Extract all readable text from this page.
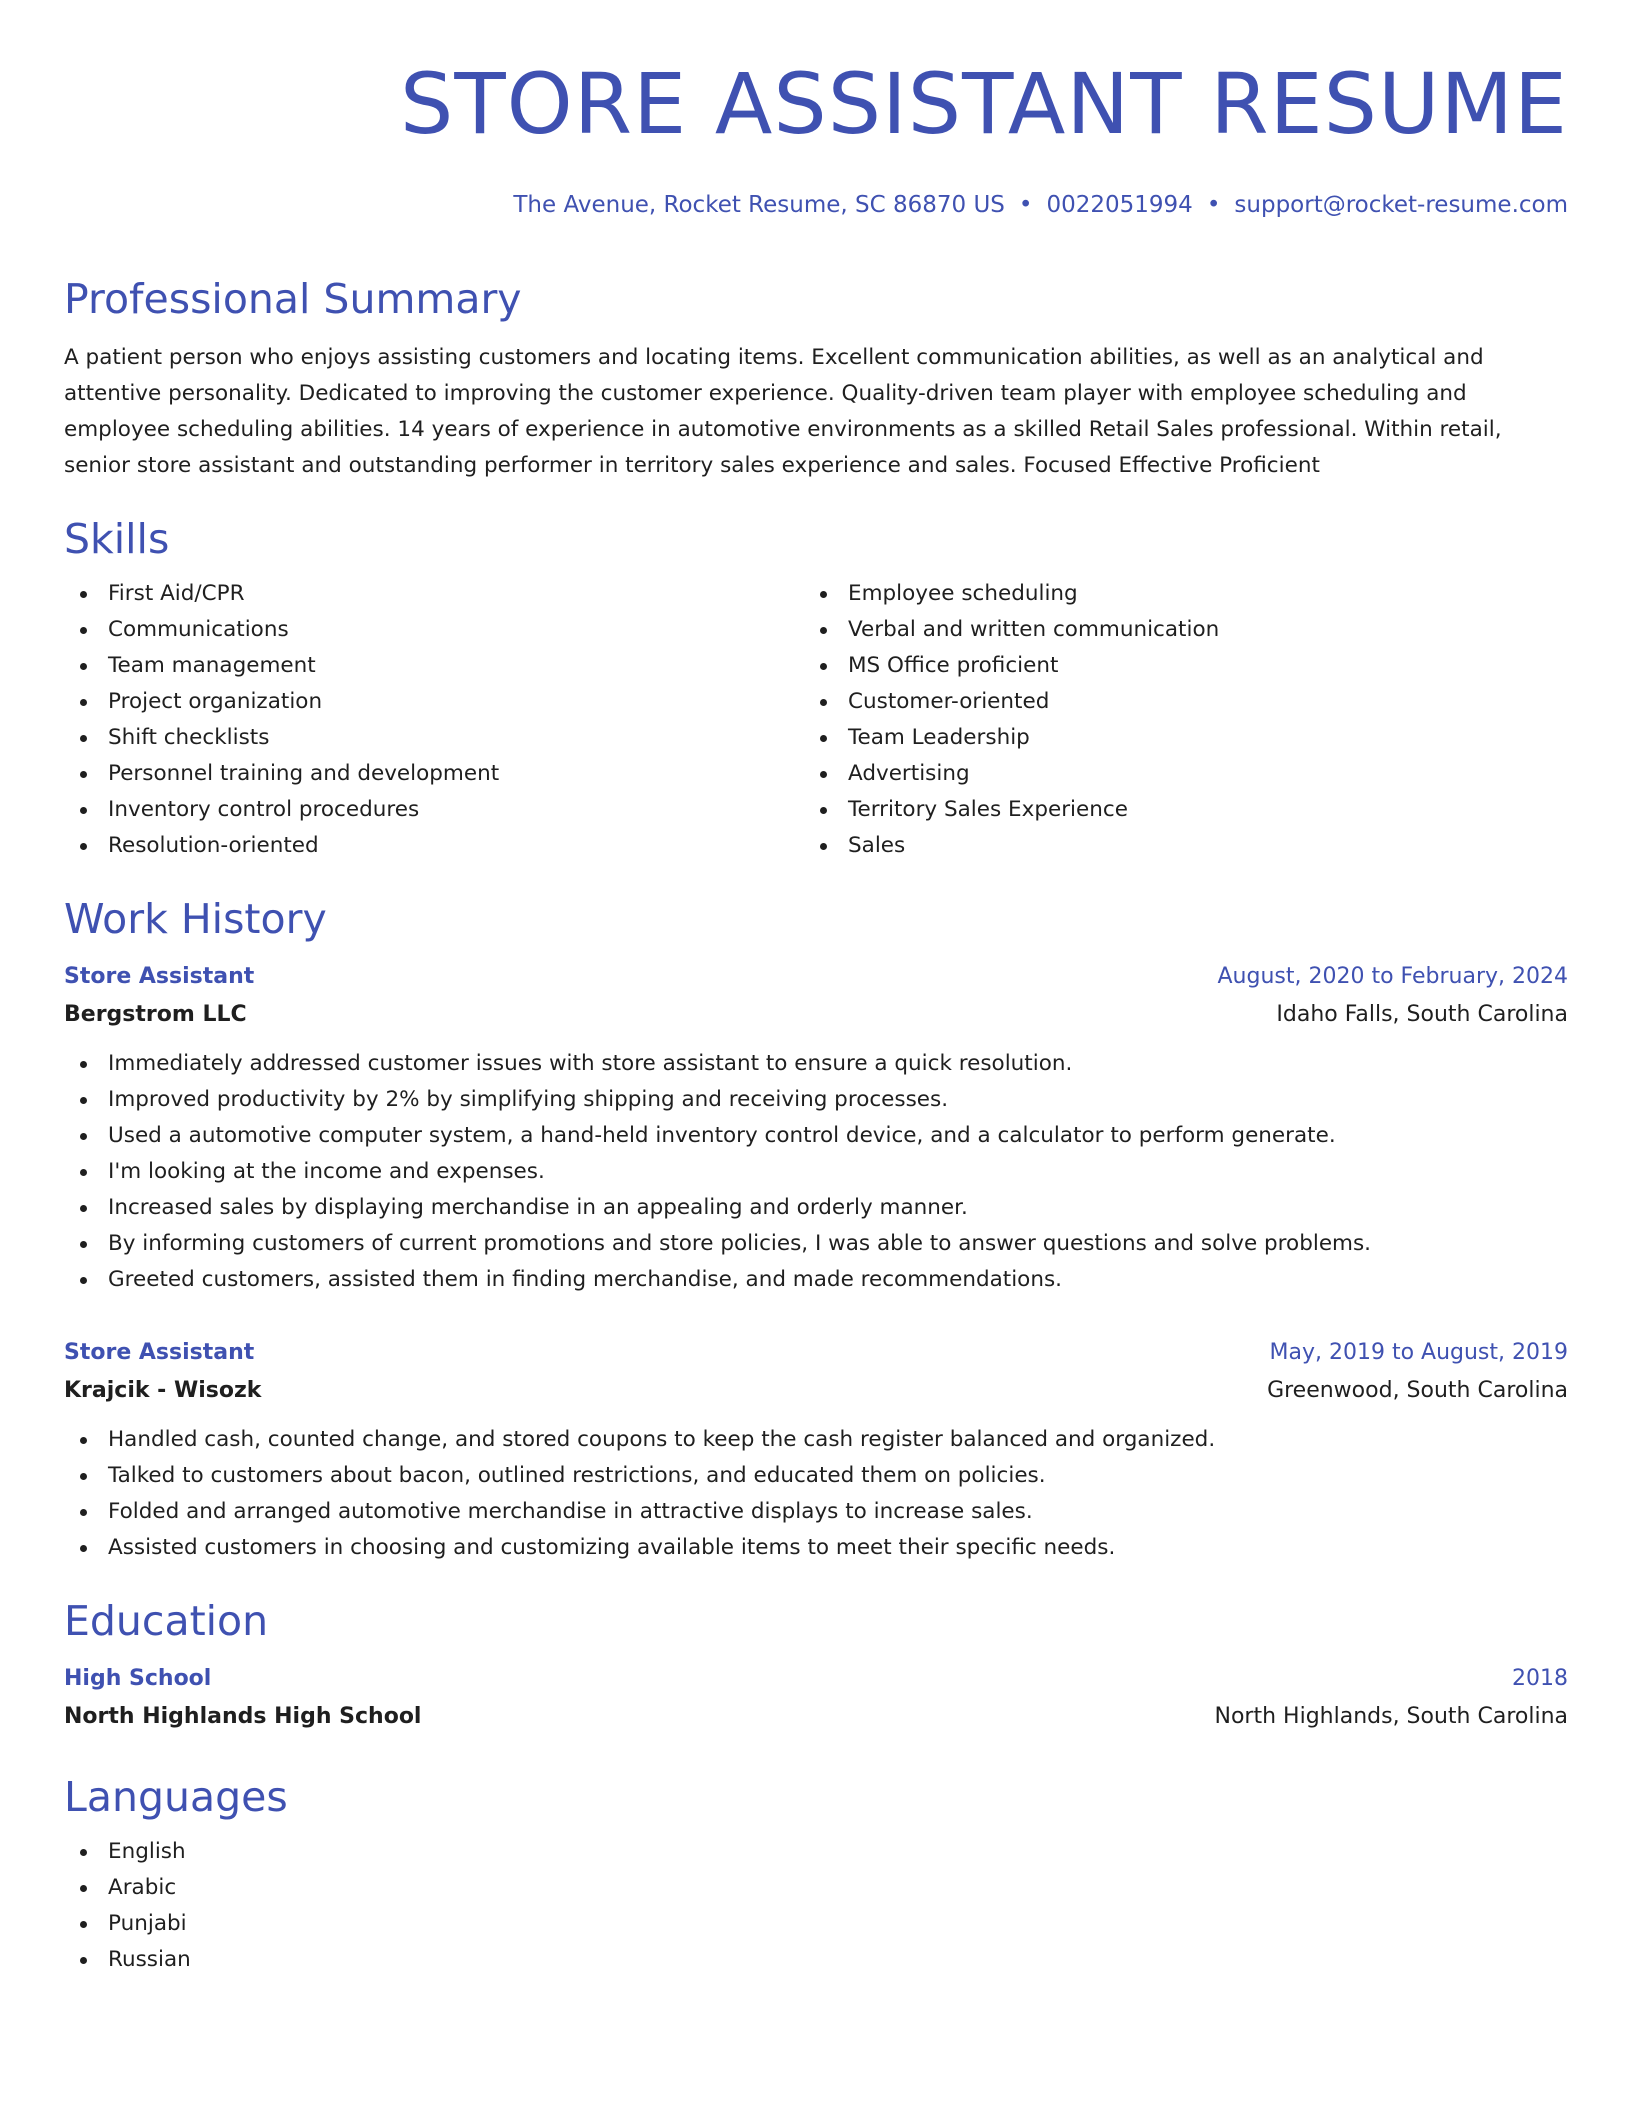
STORE ASSISTANT RESUME
The Avenue, Rocket Resume, SC 86870 US • 0022051994 • support@rocket-resume.com
Professional Summary

A patient person who enjoys assisting customers and locating items. Excellent communication abilities, as well as an analytical and attentive personality. Dedicated to improving the customer experience. Quality-driven team player with employee scheduling and employee scheduling abilities. 14 years of experience in automotive environments as a skilled Retail Sales professional. Within retail, senior store assistant and outstanding performer in territory sales experience and sales. Focused Effective Proficient

Skills
First Aid/CPR
Communications
Team management
Project organization
Shift checklists
Personnel training and development
Inventory control procedures
Resolution-oriented
Employee scheduling
Verbal and written communication
MS Office proficient
Customer-oriented
Team Leadership
Advertising
Territory Sales Experience
Sales
Work History
Store Assistant	August, 2020 to February, 2024
Bergstrom LLC	Idaho Falls, South Carolina
Immediately addressed customer issues with store assistant to ensure a quick resolution.
Improved productivity by 2% by simplifying shipping and receiving processes.
Used a automotive computer system, a hand-held inventory control device, and a calculator to perform generate.
I'm looking at the income and expenses.
Increased sales by displaying merchandise in an appealing and orderly manner.
By informing customers of current promotions and store policies, I was able to answer questions and solve problems.
Greeted customers, assisted them in finding merchandise, and made recommendations.
Store Assistant	May, 2019 to August, 2019
Krajcik - Wisozk	Greenwood, South Carolina
Handled cash, counted change, and stored coupons to keep the cash register balanced and organized.
Talked to customers about bacon, outlined restrictions, and educated them on policies.
Folded and arranged automotive merchandise in attractive displays to increase sales.
Assisted customers in choosing and customizing available items to meet their specific needs.
Education
High School	2018
North Highlands High School	North Highlands, South Carolina
Languages
English
Arabic
Punjabi
Russian
